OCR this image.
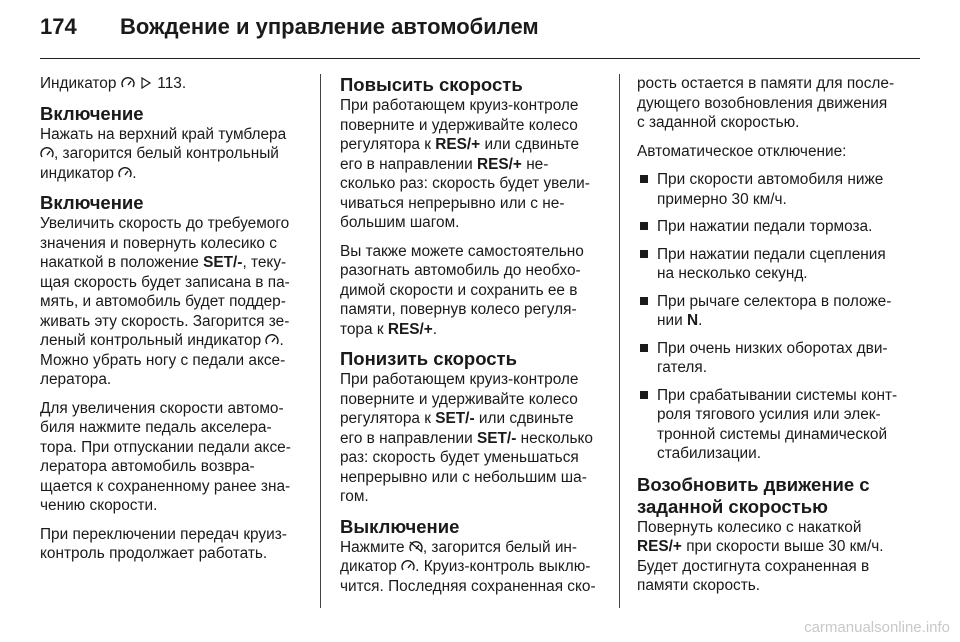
174 Вождение и управление автомобилем

Индикатор
	113.

Включение

Нажать на верхний край тумблера

, загорится белый контрольный
индикатор .

Включение

Увеличить скорость до требуемого
значения и повернуть колесико с
накаткой в положение SET/-, теку-
щая скорость будет записана в па-
мять, и автомобиль будет поддер-
живать эту скорость. Загорится зе-
леный контрольный индикатор .
Можно убрать ногу с педали аксе-
лератора.

Для увеличения скорости автомо-
биля нажмите педаль акселера-
тора. При отпускании педали аксе-
лератора автомобиль возвра-
щается к сохраненному ранее зна-
чению скорости.

При переключении передач круиз-
контроль продолжает работать.

Повысить скорость

При работающем круиз-контроле
поверните и удерживайте колесо
регулятора к RES/+ или сдвиньте
его в направлении RES/+ не-
сколько раз: скорость будет увели-
чиваться непрерывно или с не-
большим шагом.

Вы также можете самостоятельно
разогнать автомобиль до необхо-
димой скорости и сохранить ее в
памяти, повернув колесо регуля-
тора к RES/+.

Понизить скорость

При работающем круиз-контроле
поверните и удерживайте колесо
регулятора к SET/- или сдвиньте
его в направлении SET/- несколько
раз: скорость будет уменьшаться
непрерывно или с небольшим ша-
гом.

Выключение

Нажмите , загорится белый ин-
дикатор . Круиз-контроль выклю-
чится. Последняя сохраненная ско-

рость остается в памяти для после-
дующего возобновления движения
с заданной скоростью.

Автоматическое отключение:

При скорости автомобиля ниже
примерно 30 км/ч.
При нажатии педали тормоза.
При нажатии педали сцепления
на несколько секунд.
При рычаге селектора в положе-
нии N.
При очень низких оборотах дви-
гателя.
При срабатывании системы конт-
роля тягового усилия или элек-
тронной системы динамической
стабилизации.
Возобновить движение с
заданной скоростью

Повернуть колесико с накаткой
RES/+ при скорости выше 30 км/ч.
Будет достигнута сохраненная в
памяти скорость.

carmanualsonline.info
